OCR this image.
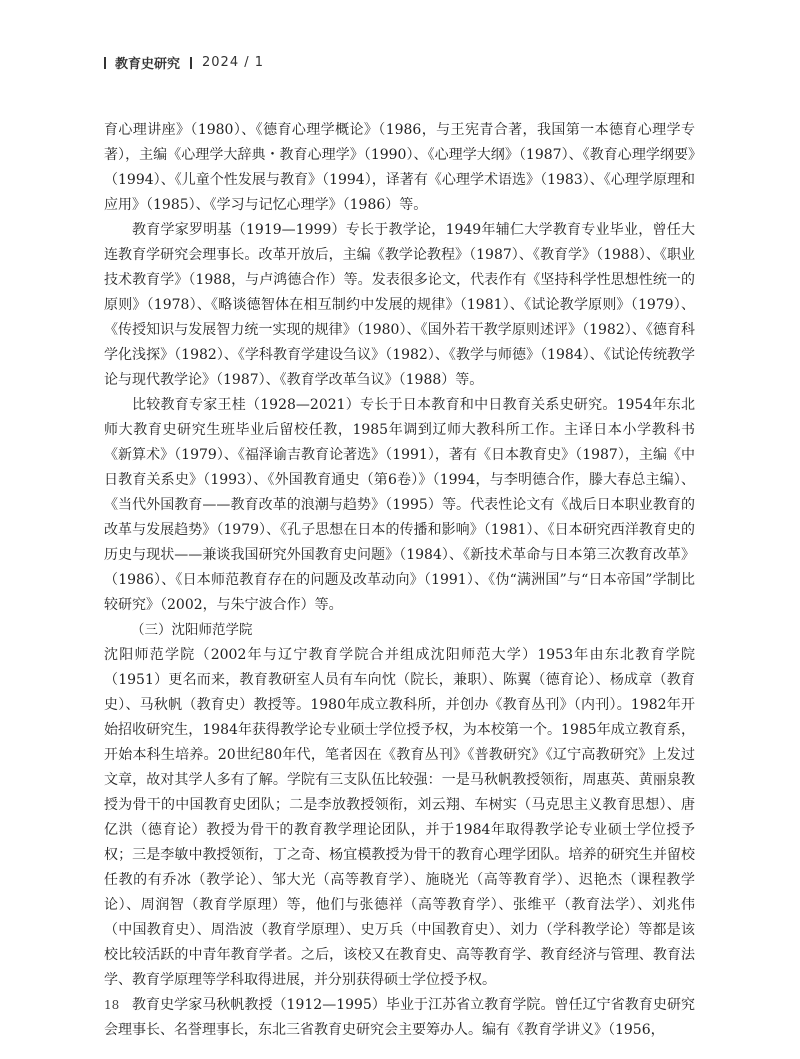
教育史研究 2024 / 1

育心理讲座》（1980）、《德育心理学概论》（1986，与王宪青合著，我国第一本德育心理学专著），主编《心理学大辞典・教育心理学》（1990）、《心理学大纲》（1987）、《教育心理学纲要》（1994）、《儿童个性发展与教育》（1994），译著有《心理学术语选》（1983）、《心理学原理和应用》（1985）、《学习与记忆心理学》（1986）等。

教育学家罗明基（1919—1999）专长于教学论，1949年辅仁大学教育专业毕业，曾任大连教育学研究会理事长。改革开放后，主编《教学论教程》（1987）、《教育学》（1988）、《职业技术教育学》（1988，与卢鸿德合作）等。发表很多论文，代表作有《坚持科学性思想性统一的原则》（1978）、《略谈德智体在相互制约中发展的规律》（1981）、《试论教学原则》（1979）、《传授知识与发展智力统一实现的规律》（1980）、《国外若干教学原则述评》（1982）、《德育科学化浅探》（1982）、《学科教育学建设刍议》（1982）、《教学与师德》（1984）、《试论传统教学论与现代教学论》（1987）、《教育学改革刍议》（1988）等。

比较教育专家王桂（1928—2021）专长于日本教育和中日教育关系史研究。1954年东北师大教育史研究生班毕业后留校任教，1985年调到辽师大教科所工作。主译日本小学教科书《新算术》（1979）、《福泽谕吉教育论著选》（1991），著有《日本教育史》（1987），主编《中日教育关系史》（1993）、《外国教育通史（第6卷）》（1994，与李明德合作，滕大春总主编）、《当代外国教育——教育改革的浪潮与趋势》（1995）等。代表性论文有《战后日本职业教育的改革与发展趋势》（1979）、《孔子思想在日本的传播和影响》（1981）、《日本研究西洋教育史的历史与现状——兼谈我国研究外国教育史问题》（1984）、《新技术革命与日本第三次教育改革》（1986）、《日本师范教育存在的问题及改革动向》（1991）、《伪“满洲国”与“日本帝国”学制比较研究》（2002，与朱宁波合作）等。

（三）沈阳师范学院

沈阳师范学院（2002年与辽宁教育学院合并组成沈阳师范大学）1953年由东北教育学院（1951）更名而来，教育教研室人员有车向忱（院长，兼职）、陈翼（德育论）、杨成章（教育史）、马秋帆（教育史）教授等。1980年成立教科所，并创办《教育丛刊》（内刊）。1982年开始招收研究生，1984年获得教学论专业硕士学位授予权，为本校第一个。1985年成立教育系，开始本科生培养。20世纪80年代，笔者因在《教育丛刊》《普教研究》《辽宁高教研究》上发过文章，故对其学人多有了解。学院有三支队伍比较强：一是马秋帆教授领衔，周惠英、黄丽泉教授为骨干的中国教育史团队；二是李放教授领衔，刘云翔、车树实（马克思主义教育思想）、唐亿洪（德育论）教授为骨干的教育教学理论团队，并于1984年取得教学论专业硕士学位授予权；三是李敏中教授领衔，丁之奇、杨宜模教授为骨干的教育心理学团队。培养的研究生并留校任教的有乔冰（教学论）、邹大光（高等教育学）、施晓光（高等教育学）、迟艳杰（课程教学论）、周润智（教育学原理）等，他们与张德祥（高等教育学）、张维平（教育法学）、刘兆伟（中国教育史）、周浩波（教育学原理）、史万兵（中国教育史）、刘力（学科教学论）等都是该校比较活跃的中青年教育学者。之后，该校又在教育史、高等教育学、教育经济与管理、教育法学、教育学原理等学科取得进展，并分别获得硕士学位授予权。

教育史学家马秋帆教授（1912—1995）毕业于江苏省立教育学院。曾任辽宁省教育史研究会理事长、名誉理事长，东北三省教育史研究会主要筹办人。编有《教育学讲义》（1956，

18
